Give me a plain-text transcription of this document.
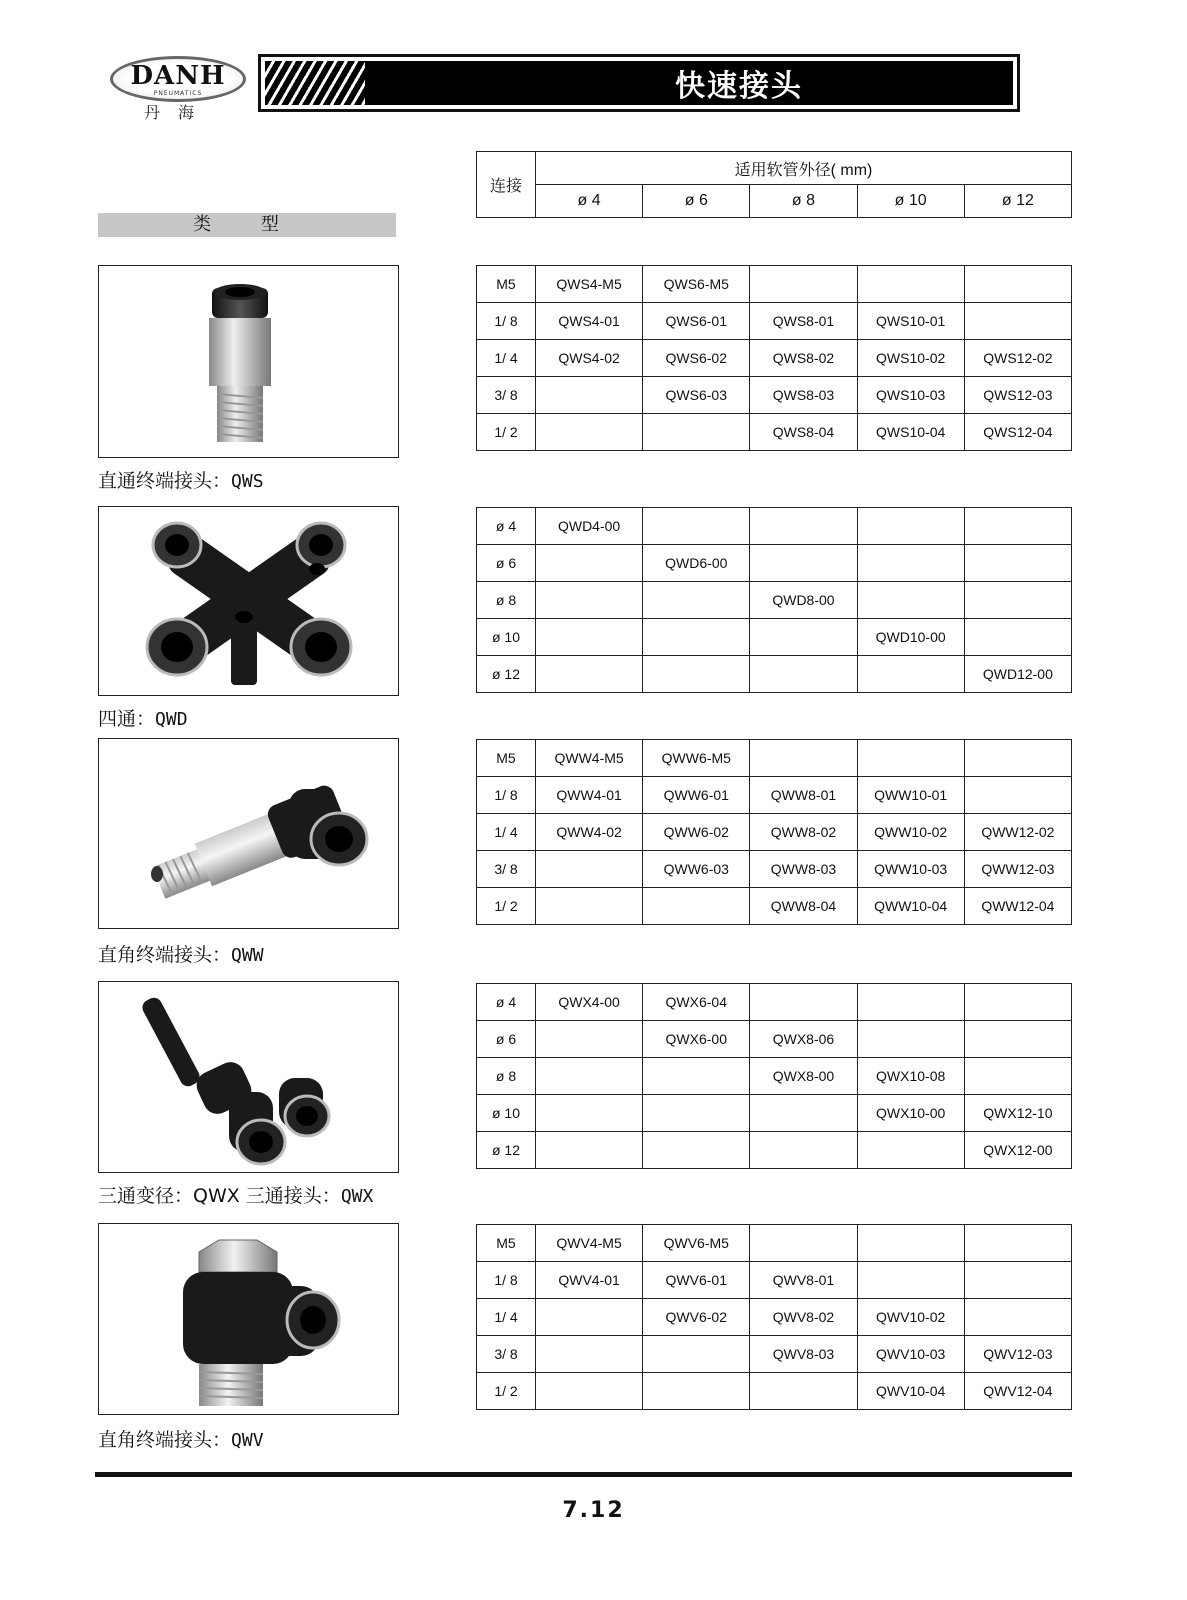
DANH
PNEUMATICS
丹海
快速接头
连接	适用软管外径( mm)				
	ø 4	ø 6	ø 8	ø 10	ø 12
类 型
直通终端接头：QWS
四通：QWD
直角终端接头：QWW
三通变径：QWX 三通接头：QWX
直角终端接头：QWV
M5	QWS4-M5	QWS6-M5			
1/ 8	QWS4-01	QWS6-01	QWS8-01	QWS10-01	
1/ 4	QWS4-02	QWS6-02	QWS8-02	QWS10-02	QWS12-02
3/ 8		QWS6-03	QWS8-03	QWS10-03	QWS12-03
1/ 2			QWS8-04	QWS10-04	QWS12-04
ø 4	QWD4-00				
ø 6		QWD6-00			
ø 8			QWD8-00		
ø 10				QWD10-00	
ø 12					QWD12-00
M5	QWW4-M5	QWW6-M5			
1/ 8	QWW4-01	QWW6-01	QWW8-01	QWW10-01	
1/ 4	QWW4-02	QWW6-02	QWW8-02	QWW10-02	QWW12-02
3/ 8		QWW6-03	QWW8-03	QWW10-03	QWW12-03
1/ 2			QWW8-04	QWW10-04	QWW12-04
ø 4	QWX4-00	QWX6-04			
ø 6		QWX6-00	QWX8-06		
ø 8			QWX8-00	QWX10-08	
ø 10				QWX10-00	QWX12-10
ø 12					QWX12-00
M5	QWV4-M5	QWV6-M5			
1/ 8	QWV4-01	QWV6-01	QWV8-01		
1/ 4		QWV6-02	QWV8-02	QWV10-02	
3/ 8			QWV8-03	QWV10-03	QWV12-03
1/ 2				QWV10-04	QWV12-04
7.12
